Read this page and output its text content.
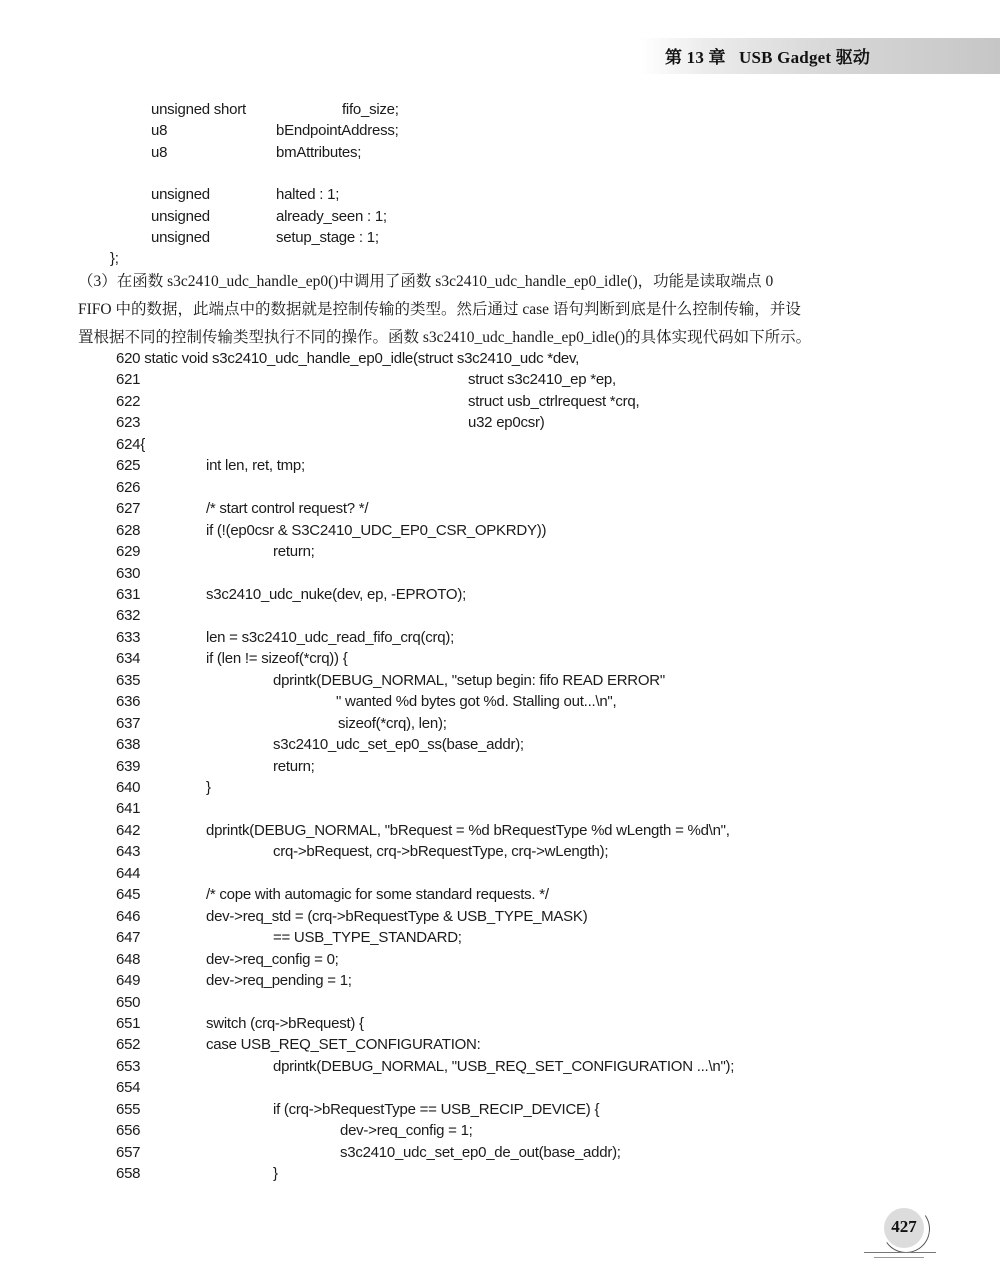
第 13 章   USB Gadget 驱动
unsigned short	fifo_size;
u8	bEndpointAddress;
u8	bmAttributes;
unsigned	halted : 1;
unsigned	already_seen : 1;
unsigned	setup_stage : 1;
};
（3）在函数 s3c2410_udc_handle_ep0()中调用了函数 s3c2410_udc_handle_ep0_idle()，功能是读取端点 0
FIFO 中的数据，此端点中的数据就是控制传输的类型。然后通过 case 语句判断到底是什么控制传输，并设
置根据不同的控制传输类型执行不同的操作。函数 s3c2410_udc_handle_ep0_idle()的具体实现代码如下所示。
620 static void s3c2410_udc_handle_ep0_idle(struct s3c2410_udc *dev,
621	struct s3c2410_ep *ep,
622	struct usb_ctrlrequest *crq,
623	u32 ep0csr)
624{
625	int len, ret, tmp;
626
627	/* start control request? */
628	if (!(ep0csr & S3C2410_UDC_EP0_CSR_OPKRDY))
629	return;
630
631	s3c2410_udc_nuke(dev, ep, -EPROTO);
632
633	len = s3c2410_udc_read_fifo_crq(crq);
634	if (len != sizeof(*crq)) {
635	dprintk(DEBUG_NORMAL, "setup begin: fifo READ ERROR"
636	" wanted %d bytes got %d. Stalling out...\n",
637	sizeof(*crq), len);
638	s3c2410_udc_set_ep0_ss(base_addr);
639	return;
640	}
641
642	dprintk(DEBUG_NORMAL, "bRequest = %d bRequestType %d wLength = %d\n",
643	crq->bRequest, crq->bRequestType, crq->wLength);
644
645	/* cope with automagic for some standard requests. */
646	dev->req_std = (crq->bRequestType & USB_TYPE_MASK)
647	== USB_TYPE_STANDARD;
648	dev->req_config = 0;
649	dev->req_pending = 1;
650
651	switch (crq->bRequest) {
652	case USB_REQ_SET_CONFIGURATION:
653	dprintk(DEBUG_NORMAL, "USB_REQ_SET_CONFIGURATION ...\n");
654
655	if (crq->bRequestType == USB_RECIP_DEVICE) {
656	dev->req_config = 1;
657	s3c2410_udc_set_ep0_de_out(base_addr);
658	}
427
